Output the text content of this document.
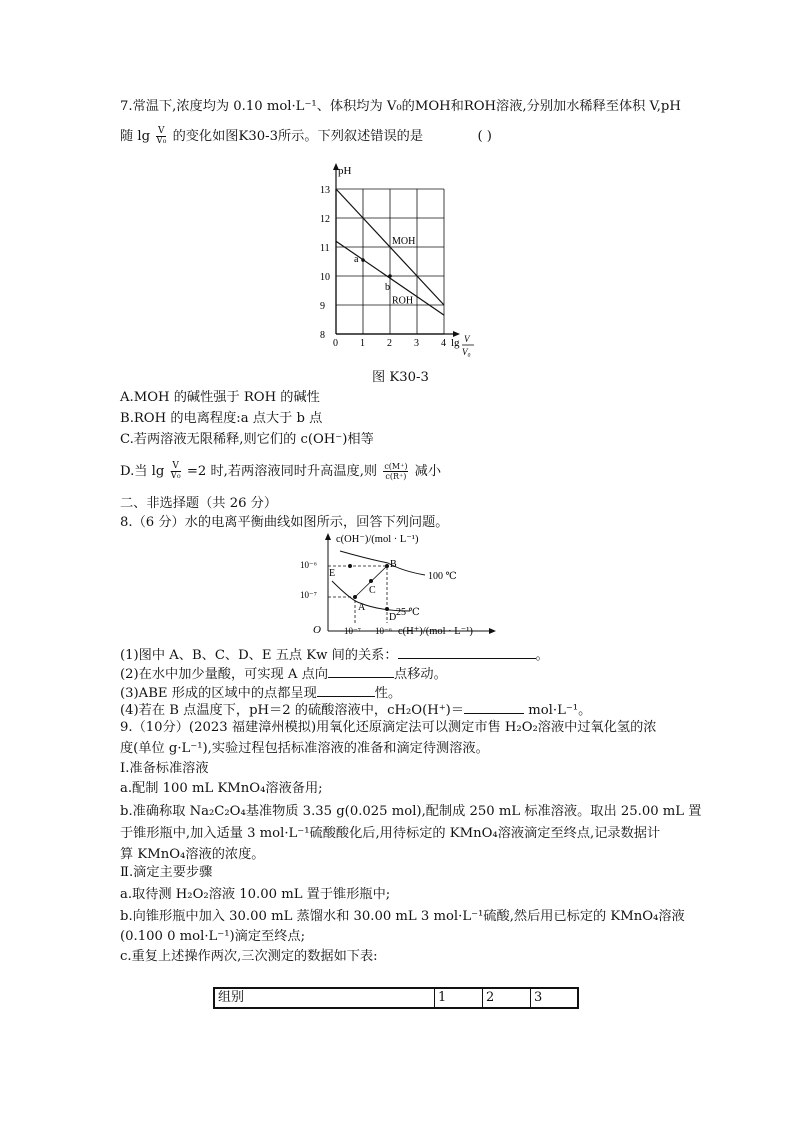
7.常温下,浓度均为 0.10 mol·L⁻¹、体积均为 V₀的MOH和ROH溶液,分别加水稀释至体积 V,pH
随 $\lg \frac{V}{\text{V₀}}$ 的变化如图K30-3所示。下列叙述错误的是	( )
0 1 2 3 4
8
9
10
11
12
13
MOH
ROH
a
b
pH
lg V
V₀
图 K30-3
A.MOH 的碱性强于 ROH 的碱性
B.ROH 的电离程度:a 点大于 b 点
C.若两溶液无限稀释,则它们的 c(OH⁻)相等
D.当 $\lg \frac{V}{\text{V₀}} =2$ 时,若两溶液同时升高温度,则 $\frac{c(M^+)}{c(R^+)}$ 减小
二、非选择题（共 26 分）
8.（6 分）水的电离平衡曲线如图所示，回答下列问题。
c(OH⁻)/(mol · L⁻¹)
c(H⁺)/(mol · L⁻¹)
O
10⁻⁶
10⁻⁷
10⁻⁷ 10⁻⁶
100 ℃
25 ℃
A
B
C
D
E
(1)图中 A、B、C、D、E 五点 Kw 间的关系：	。
(2)在水中加少量酸，可实现 A 点向	点移动。
(3)ABE 形成的区域中的点都呈现	性。
(4)若在 B 点温度下，pH＝2 的硫酸溶液中，cH₂O(H⁺)＝	mol·L⁻¹。
9.（10分）(2023 福建漳州模拟)用氧化还原滴定法可以测定市售 H₂O₂溶液中过氧化氢的浓
度(单位 g·L⁻¹),实验过程包括标准溶液的准备和滴定待测溶液。
Ⅰ.准备标准溶液
a.配制 100 mL KMnO₄溶液备用;
b.准确称取 Na₂C₂O₄基准物质 3.35 g(0.025 mol),配制成 250 mL 标准溶液。取出 25.00 mL 置
于锥形瓶中,加入适量 3 mol·L⁻¹硫酸酸化后,用待标定的 KMnO₄溶液滴定至终点,记录数据计
算 KMnO₄溶液的浓度。
Ⅱ.滴定主要步骤
a.取待测 H₂O₂溶液 10.00 mL 置于锥形瓶中;
b.向锥形瓶中加入 30.00 mL 蒸馏水和 30.00 mL 3 mol·L⁻¹硫酸,然后用已标定的 KMnO₄溶液
(0.100 0 mol·L⁻¹)滴定至终点;
c.重复上述操作两次,三次测定的数据如下表:
组别	1	2	3
